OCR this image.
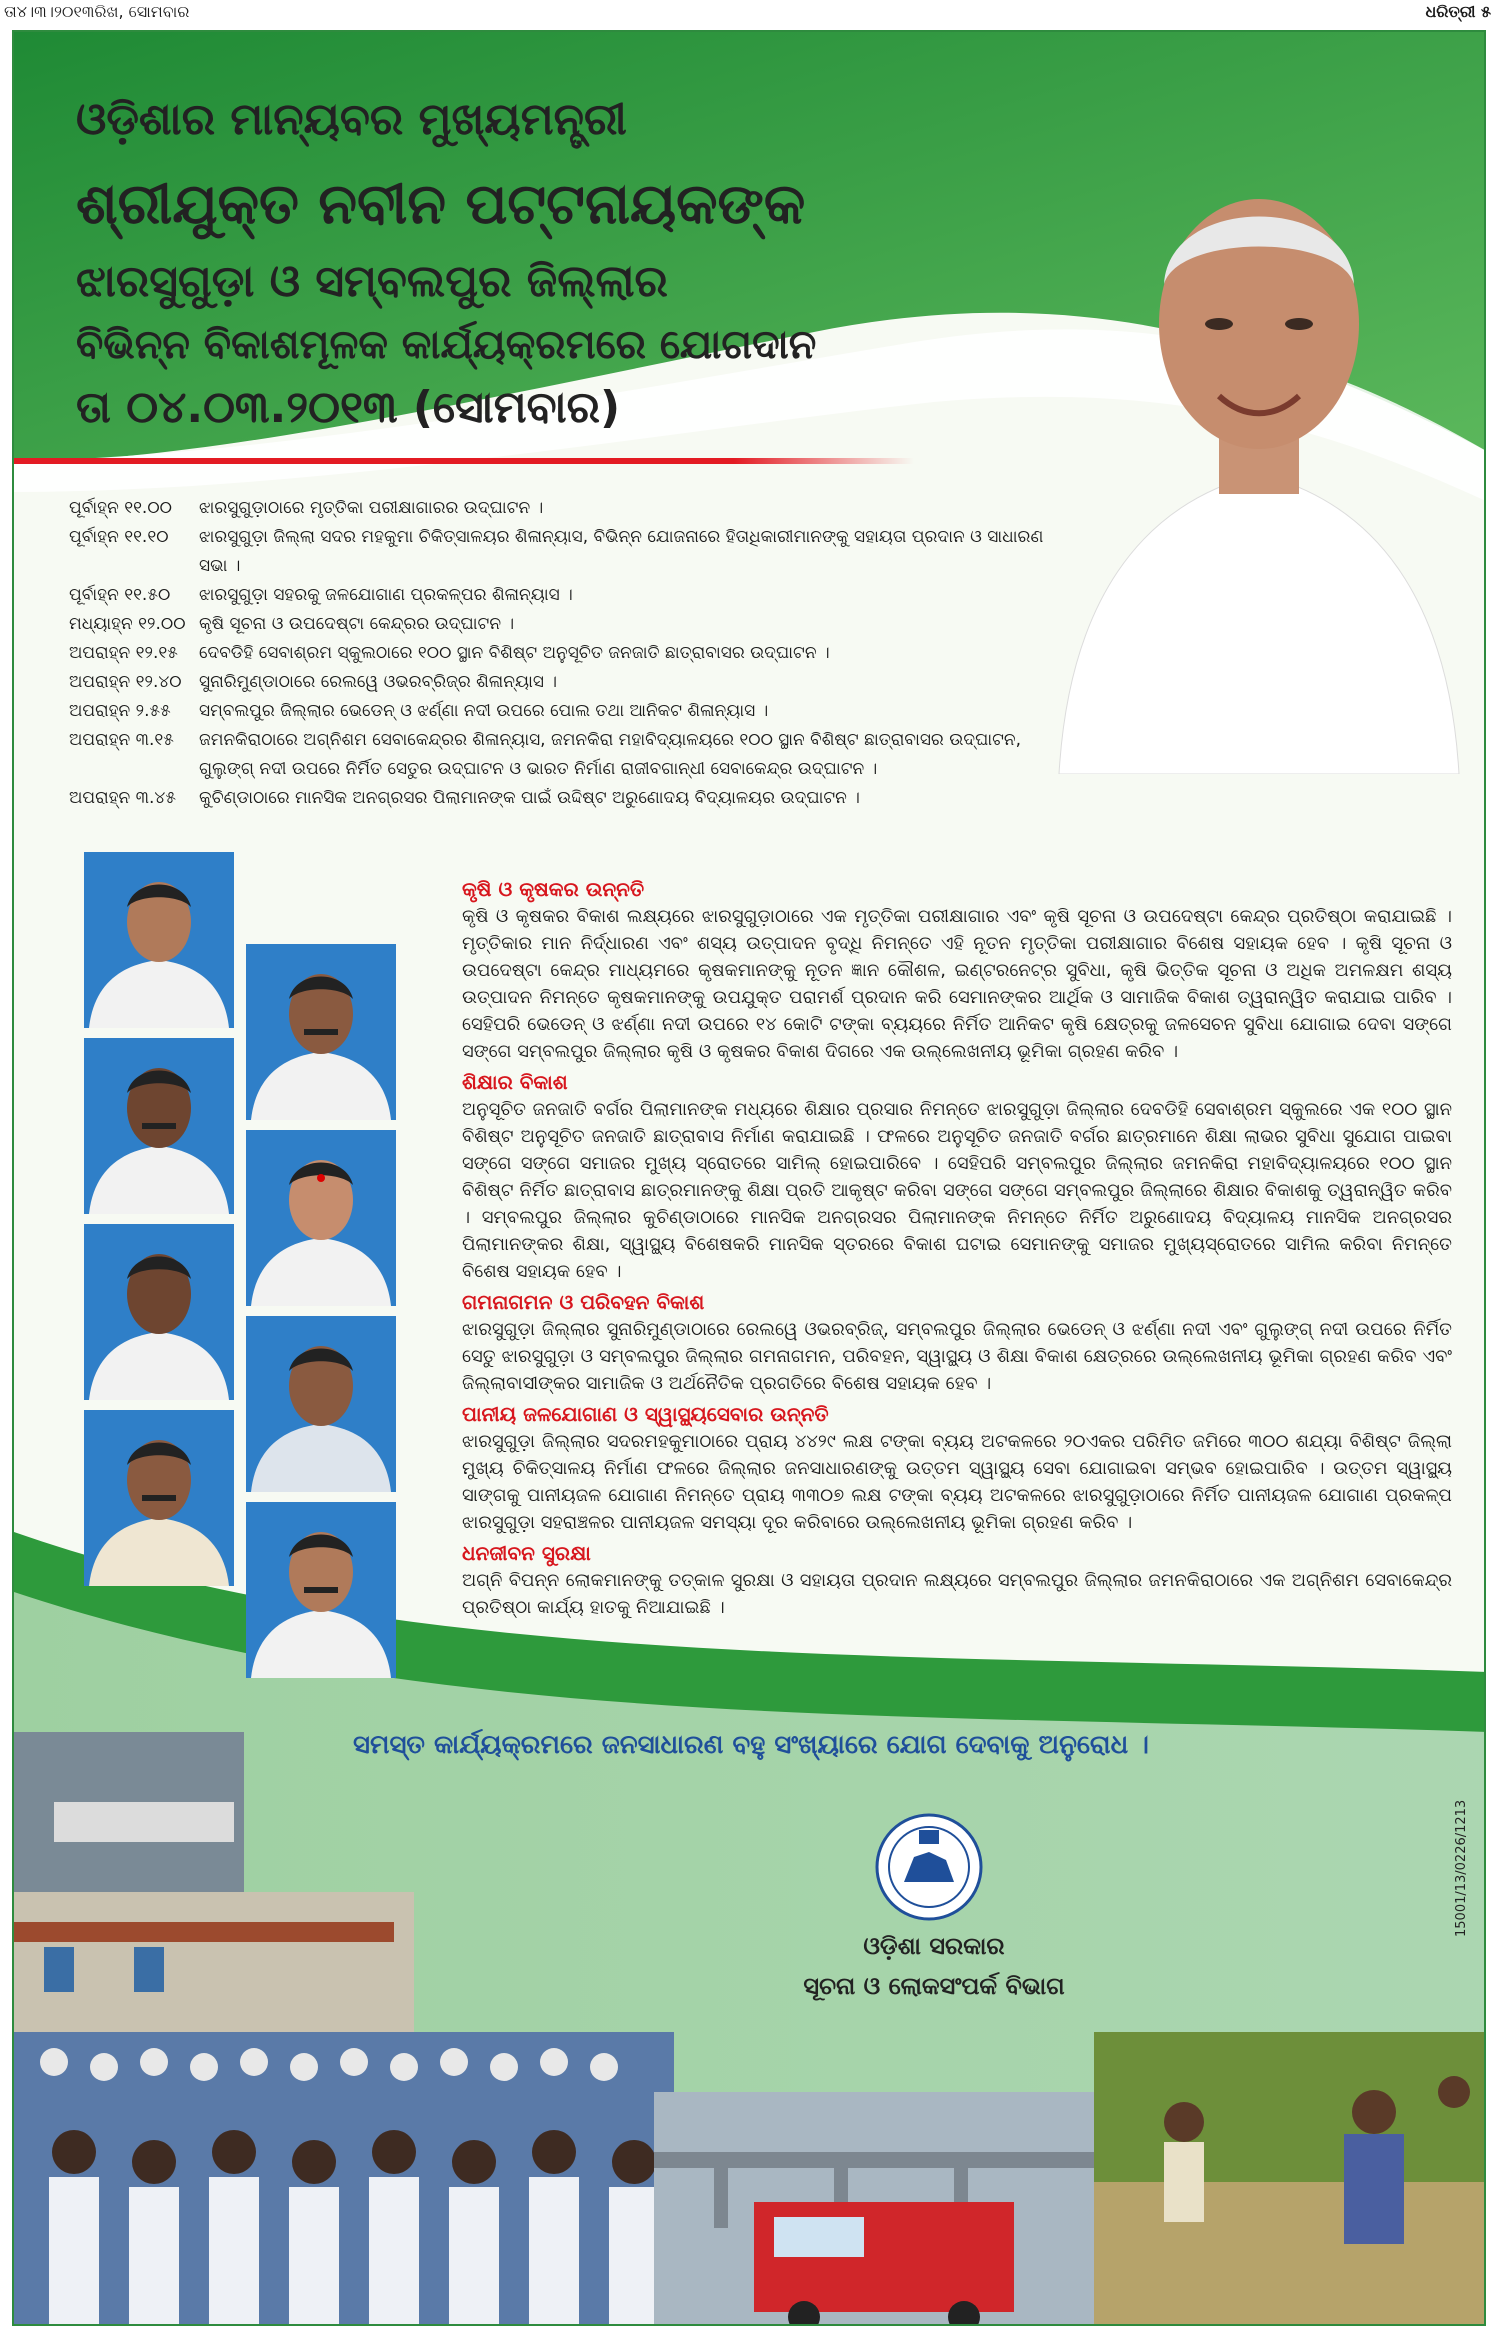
ତା୪।୩।୨୦୧୩ରିଖ, ସୋମବାର	ଧରିତ୍ରୀ ୫
ଓଡ଼ିଶାର ମାନ୍ୟବର ମୁଖ୍ୟମନ୍ତ୍ରୀ
ଶ୍ରୀଯୁକ୍ତ ନବୀନ ପଟ୍ଟନାୟକଙ୍କ
ଝାରସୁଗୁଡ଼ା ଓ ସମ୍ବଲପୁର ଜିଲ୍ଲାର
ବିଭିନ୍ନ ବିକାଶମୂଳକ କାର୍ଯ୍ୟକ୍ରମରେ ଯୋଗଦାନ
ତା ୦୪.୦୩.୨୦୧୩ (ସୋମବାର)
ପୂର୍ବାହ୍ନ ୧୧.୦୦	ଝାରସୁଗୁଡ଼ାଠାରେ ମୃତ୍ତିକା ପରୀକ୍ଷାଗାରର ଉଦ୍‌ଘାଟନ ।
ପୂର୍ବାହ୍ନ ୧୧.୧୦	ଝାରସୁଗୁଡ଼ା ଜିଲ୍ଲା ସଦର ମହକୁମା ଚିକିତ୍ସାଳୟର ଶିଳାନ୍ୟାସ, ବିଭିନ୍ନ ଯୋଜନାରେ ହିତାଧିକାରୀମାନଙ୍କୁ ସହାୟତା ପ୍ରଦାନ ଓ ସାଧାରଣ ସଭା ।
ପୂର୍ବାହ୍ନ ୧୧.୫୦	ଝାରସୁଗୁଡ଼ା ସହରକୁ ଜଳଯୋଗାଣ ପ୍ରକଳ୍ପର ଶିଳାନ୍ୟାସ ।
ମଧ୍ୟାହ୍ନ ୧୨.୦୦ କୃଷି ସୂଚନା ଓ ଉପଦେଷ୍ଟା କେନ୍ଦ୍ରର ଉଦ୍‌ଘାଟନ ।
ଅପରାହ୍ନ ୧୨.୧୫	ଦେବଡିହି ସେବାଶ୍ରମ ସ୍କୁଲଠାରେ ୧୦୦ ସ୍ଥାନ ବିଶିଷ୍ଟ ଅନୁସୂଚିତ ଜନଜାତି ଛାତ୍ରାବାସର ଉଦ୍‌ଘାଟନ ।
ଅପରାହ୍ନ ୧୨.୪୦	ସୁନାରିମୁଣ୍ଡାଠାରେ ରେଲୱେ ଓଭରବ୍ରିଜ୍‌ର ଶିଳାନ୍ୟାସ ।
ଅପରାହ୍ନ ୨.୫୫	ସମ୍ବଲପୁର ଜିଲ୍ଲାର ଭେଡେନ୍ ଓ ଝର୍ଣ୍ଣା ନଦୀ ଉପରେ ପୋଲ ତଥା ଆନିକଟ ଶିଳାନ୍ୟାସ ।
ଅପରାହ୍ନ ୩.୧୫	ଜମନକିରାଠାରେ ଅଗ୍ନିଶମ ସେବାକେନ୍ଦ୍ରର ଶିଳାନ୍ୟାସ, ଜମନକିରା ମହାବିଦ୍ୟାଳୟରେ ୧୦୦ ସ୍ଥାନ ବିଶିଷ୍ଟ ଛାତ୍ରାବାସର ଉଦ୍‌ଘାଟନ, ଗୁଲୁଙ୍ଗ୍ ନଦୀ ଉପରେ ନିର୍ମିତ ସେତୁର ଉଦ୍‌ଘାଟନ ଓ ଭାରତ ନିର୍ମାଣ ରାଜୀବଗାନ୍ଧୀ ସେବାକେନ୍ଦ୍ର ଉଦ୍‌ଘାଟନ ।
ଅପରାହ୍ନ ୩.୪୫	କୁଚିଣ୍ଡାଠାରେ ମାନସିକ ଅନଗ୍ରସର ପିଲାମାନଙ୍କ ପାଇଁ ଉଦ୍ଦିଷ୍ଟ ଅରୁଣୋଦୟ ବିଦ୍ୟାଳୟର ଉଦ୍‌ଘାଟନ ।
କୃଷି ଓ କୃଷକର ଉନ୍ନତି
କୃଷି ଓ କୃଷକର ବିକାଶ ଲକ୍ଷ୍ୟରେ ଝାରସୁଗୁଡ଼ାଠାରେ ଏକ ମୃତ୍ତିକା ପରୀକ୍ଷାଗାର ଏବଂ କୃଷି ସୂଚନା ଓ ଉପଦେଷ୍ଟା କେନ୍ଦ୍ର ପ୍ରତିଷ୍ଠା କରାଯାଇଛି । ମୃତ୍ତିକାର ମାନ ନିର୍ଦ୍ଧାରଣ ଏବଂ ଶସ୍ୟ ଉତ୍ପାଦନ ବୃଦ୍ଧି ନିମନ୍ତେ ଏହି ନୂତନ ମୃତ୍ତିକା ପରୀକ୍ଷାଗାର ବିଶେଷ ସହାୟକ ହେବ । କୃଷି ସୂଚନା ଓ ଉପଦେଷ୍ଟା କେନ୍ଦ୍ର ମାଧ୍ୟମରେ କୃଷକମାନଙ୍କୁ ନୂତନ ଜ୍ଞାନ କୌଶଳ, ଇଣ୍ଟରନେଟ୍‌ର ସୁବିଧା, କୃଷି ଭିତ୍ତିକ ସୂଚନା ଓ ଅଧିକ ଅମଳକ୍ଷମ ଶସ୍ୟ ଉତ୍ପାଦନ ନିମନ୍ତେ କୃଷକମାନଙ୍କୁ ଉପଯୁକ୍ତ ପରାମର୍ଶ ପ୍ରଦାନ କରି ସେମାନଙ୍କର ଆର୍ଥିକ ଓ ସାମାଜିକ ବିକାଶ ତ୍ୱରାନ୍ୱିତ କରାଯାଇ ପାରିବ । ସେହିପରି ଭେଡେନ୍ ଓ ଝର୍ଣ୍ଣା ନଦୀ ଉପରେ ୧୪ କୋଟି ଟଙ୍କା ବ୍ୟୟରେ ନିର୍ମିତ ଆନିକଟ କୃଷି କ୍ଷେତ୍ରକୁ ଜଳସେଚନ ସୁବିଧା ଯୋଗାଇ ଦେବା ସଙ୍ଗେ ସଙ୍ଗେ ସମ୍ବଲପୁର ଜିଲ୍ଲାର କୃଷି ଓ କୃଷକର ବିକାଶ ଦିଗରେ ଏକ ଉଲ୍ଲେଖନୀୟ ଭୂମିକା ଗ୍ରହଣ କରିବ ।
ଶିକ୍ଷାର ବିକାଶ
ଅନୁସୂଚିତ ଜନଜାତି ବର୍ଗର ପିଲାମାନଙ୍କ ମଧ୍ୟରେ ଶିକ୍ଷାର ପ୍ରସାର ନିମନ୍ତେ ଝାରସୁଗୁଡ଼ା ଜିଲ୍ଲାର ଦେବଡିହି ସେବାଶ୍ରମ ସ୍କୁଲରେ ଏକ ୧୦୦ ସ୍ଥାନ ବିଶିଷ୍ଟ ଅନୁସୂଚିତ ଜନଜାତି ଛାତ୍ରାବାସ ନିର୍ମାଣ କରାଯାଇଛି । ଫଳରେ ଅନୁସୂଚିତ ଜନଜାତି ବର୍ଗର ଛାତ୍ରମାନେ ଶିକ୍ଷା ଲାଭର ସୁବିଧା ସୁଯୋଗ ପାଇବା ସଙ୍ଗେ ସଙ୍ଗେ ସମାଜର ମୁଖ୍ୟ ସ୍ରୋତରେ ସାମିଲ୍ ହୋଇପାରିବେ । ସେହିପରି ସମ୍ବଲପୁର ଜିଲ୍ଲାର ଜମନକିରା ମହାବିଦ୍ୟାଳୟରେ ୧୦୦ ସ୍ଥାନ ବିଶିଷ୍ଟ ନିର୍ମିତ ଛାତ୍ରାବାସ ଛାତ୍ରମାନଙ୍କୁ ଶିକ୍ଷା ପ୍ରତି ଆକୃଷ୍ଟ କରିବା ସଙ୍ଗେ ସଙ୍ଗେ ସମ୍ବଲପୁର ଜିଲ୍ଲାରେ ଶିକ୍ଷାର ବିକାଶକୁ ତ୍ୱରାନ୍ୱିତ କରିବ । ସମ୍ବଲପୁର ଜିଲ୍ଲାର କୁଚିଣ୍ଡାଠାରେ ମାନସିକ ଅନଗ୍ରସର ପିଲାମାନଙ୍କ ନିମନ୍ତେ ନିର୍ମିତ ଅରୁଣୋଦୟ ବିଦ୍ୟାଳୟ ମାନସିକ ଅନଗ୍ରସର ପିଲାମାନଙ୍କର ଶିକ୍ଷା, ସ୍ୱାସ୍ଥ୍ୟ ବିଶେଷକରି ମାନସିକ ସ୍ତରରେ ବିକାଶ ଘଟାଇ ସେମାନଙ୍କୁ ସମାଜର ମୁଖ୍ୟସ୍ରୋତରେ ସାମିଲ କରିବା ନିମନ୍ତେ ବିଶେଷ ସହାୟକ ହେବ ।
ଗମନାଗମନ ଓ ପରିବହନ ବିକାଶ
ଝାରସୁଗୁଡ଼ା ଜିଲ୍ଲାର ସୁନାରିମୁଣ୍ଡାଠାରେ ରେଲୱେ ଓଭରବ୍ରିଜ୍, ସମ୍ବଲପୁର ଜିଲ୍ଲାର ଭେଡେନ୍ ଓ ଝର୍ଣ୍ଣା ନଦୀ ଏବଂ ଗୁଲୁଙ୍ଗ୍ ନଦୀ ଉପରେ ନିର୍ମିତ ସେତୁ ଝାରସୁଗୁଡ଼ା ଓ ସମ୍ବଲପୁର ଜିଲ୍ଲାର ଗମନାଗମନ, ପରିବହନ, ସ୍ୱାସ୍ଥ୍ୟ ଓ ଶିକ୍ଷା ବିକାଶ କ୍ଷେତ୍ରରେ ଉଲ୍ଲେଖନୀୟ ଭୂମିକା ଗ୍ରହଣ କରିବ ଏବଂ ଜିଲ୍ଲାବାସୀଙ୍କର ସାମାଜିକ ଓ ଅର୍ଥନୈତିକ ପ୍ରଗତିରେ ବିଶେଷ ସହାୟକ ହେବ ।
ପାନୀୟ ଜଳଯୋଗାଣ ଓ ସ୍ୱାସ୍ଥ୍ୟସେବାର ଉନ୍ନତି
ଝାରସୁଗୁଡ଼ା ଜିଲ୍ଲାର ସଦରମହକୁମାଠାରେ ପ୍ରାୟ ୪୪୨୯ ଲକ୍ଷ ଟଙ୍କା ବ୍ୟୟ ଅଟକଳରେ ୨୦ଏକର ପରିମିତ ଜମିରେ ୩୦୦ ଶଯ୍ୟା ବିଶିଷ୍ଟ ଜିଲ୍ଲା ମୁଖ୍ୟ ଚିକିତ୍ସାଳୟ ନିର୍ମାଣ ଫଳରେ ଜିଲ୍ଲାର ଜନସାଧାରଣଙ୍କୁ ଉତ୍ତମ ସ୍ୱାସ୍ଥ୍ୟ ସେବା ଯୋଗାଇବା ସମ୍ଭବ ହୋଇପାରିବ । ଉତ୍ତମ ସ୍ୱାସ୍ଥ୍ୟ ସାଙ୍ଗକୁ ପାନୀୟଜଳ ଯୋଗାଣ ନିମନ୍ତେ ପ୍ରାୟ ୩୩୦୭ ଲକ୍ଷ ଟଙ୍କା ବ୍ୟୟ ଅଟକଳରେ ଝାରସୁଗୁଡ଼ାଠାରେ ନିର୍ମିତ ପାନୀୟଜଳ ଯୋଗାଣ ପ୍ରକଳ୍ପ ଝାରସୁଗୁଡ଼ା ସହରାଞ୍ଚଳର ପାନୀୟଜଳ ସମସ୍ୟା ଦୂର କରିବାରେ ଉଲ୍ଲେଖନୀୟ ଭୂମିକା ଗ୍ରହଣ କରିବ ।
ଧନଜୀବନ ସୁରକ୍ଷା
ଅଗ୍ନି ବିପନ୍ନ ଲୋକମାନଙ୍କୁ ତତ୍କାଳ ସୁରକ୍ଷା ଓ ସହାୟତା ପ୍ରଦାନ ଲକ୍ଷ୍ୟରେ ସମ୍ବଲପୁର ଜିଲ୍ଲାର ଜମନକିରାଠାରେ ଏକ ଅଗ୍ନିଶମ ସେବାକେନ୍ଦ୍ର ପ୍ରତିଷ୍ଠା କାର୍ଯ୍ୟ ହାତକୁ ନିଆଯାଇଛି ।
ସମସ୍ତ କାର୍ଯ୍ୟକ୍ରମରେ ଜନସାଧାରଣ ବହୁ ସଂଖ୍ୟାରେ ଯୋଗ ଦେବାକୁ ଅନୁରୋଧ ।
ଓଡ଼ିଶା ସରକାର
ସୂଚନା ଓ ଲୋକସଂପର୍କ ବିଭାଗ
15001/13/0226/1213
